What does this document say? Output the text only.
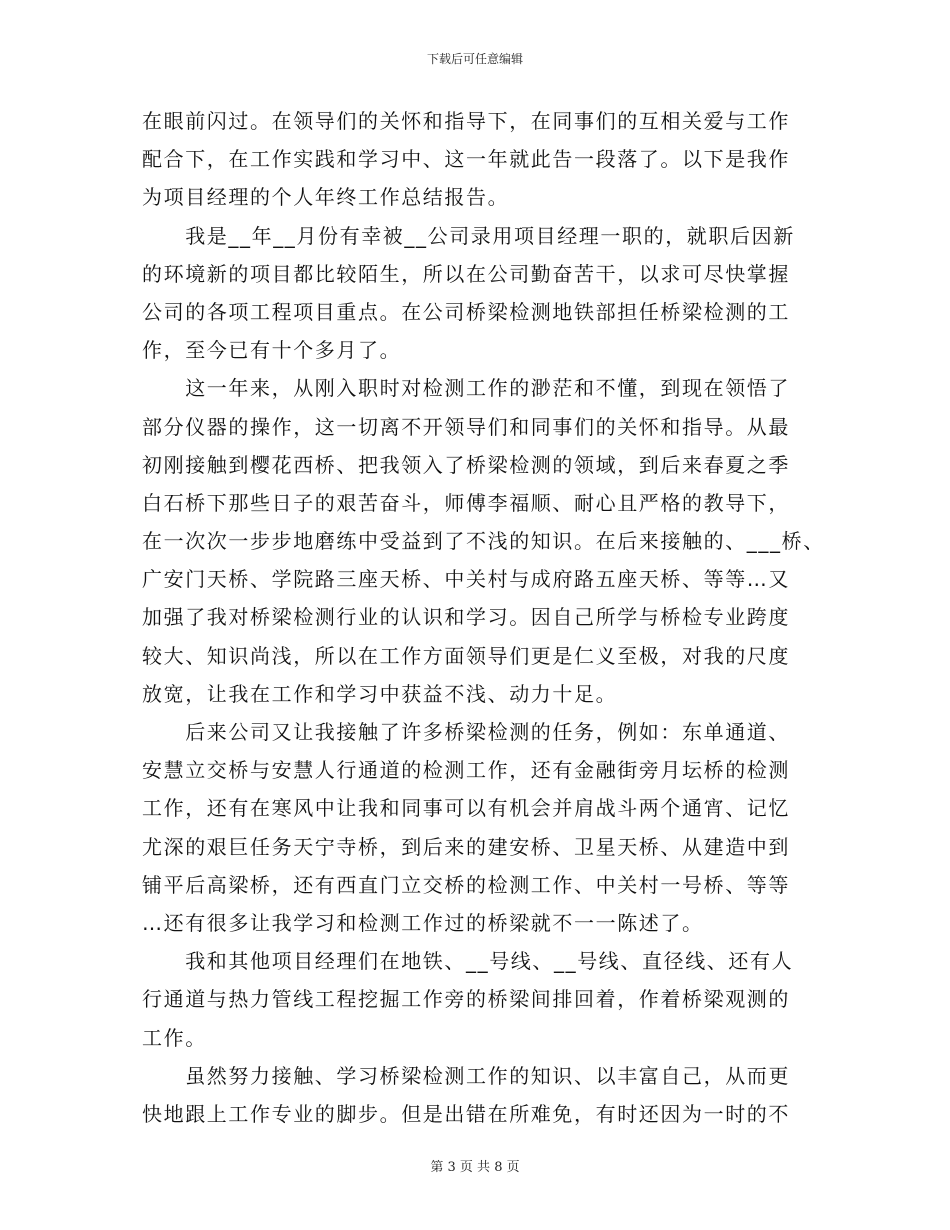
下载后可任意编辑
在眼前闪过。在领导们的关怀和指导下，在同事们的互相关爱与工作
配合下，在工作实践和学习中、这一年就此告一段落了。以下是我作
为项目经理的个人年终工作总结报告。
　　我是__年__月份有幸被__公司录用项目经理一职的，就职后因新
的环境新的项目都比较陌生，所以在公司勤奋苦干，以求可尽快掌握
公司的各项工程项目重点。在公司桥梁检测地铁部担任桥梁检测的工
作，至今已有十个多月了。
　　这一年来，从刚入职时对检测工作的渺茫和不懂，到现在领悟了
部分仪器的操作，这一切离不开领导们和同事们的关怀和指导。从最
初刚接触到樱花西桥、把我领入了桥梁检测的领域，到后来春夏之季
白石桥下那些日子的艰苦奋斗，师傅李福顺、耐心且严格的教导下，
在一次次一步步地磨练中受益到了不浅的知识。在后来接触的、___桥、
广安门天桥、学院路三座天桥、中关村与成府路五座天桥、等等…又
加强了我对桥梁检测行业的认识和学习。因自己所学与桥检专业跨度
较大、知识尚浅，所以在工作方面领导们更是仁义至极，对我的尺度
放宽，让我在工作和学习中获益不浅、动力十足。
　　后来公司又让我接触了许多桥梁检测的任务，例如：东单通道、
安慧立交桥与安慧人行通道的检测工作，还有金融街旁月坛桥的检测
工作，还有在寒风中让我和同事可以有机会并肩战斗两个通宵、记忆
尤深的艰巨任务天宁寺桥，到后来的建安桥、卫星天桥、从建造中到
铺平后高梁桥，还有西直门立交桥的检测工作、中关村一号桥、等等
…还有很多让我学习和检测工作过的桥梁就不一一陈述了。
　　我和其他项目经理们在地铁、__号线、__号线、直径线、还有人
行通道与热力管线工程挖掘工作旁的桥梁间排回着，作着桥梁观测的
工作。
　　虽然努力接触、学习桥梁检测工作的知识、以丰富自己，从而更
快地跟上工作专业的脚步。但是出错在所难免，有时还因为一时的不
第 3 页 共 8 页
